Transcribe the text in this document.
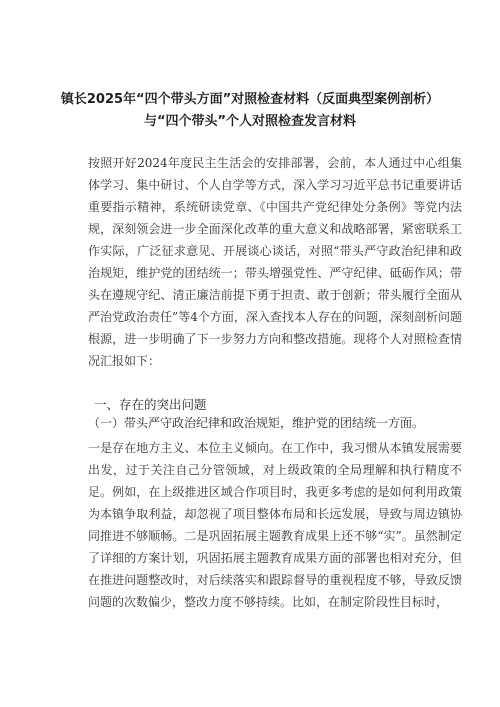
镇长2025年“四个带头方面”对照检查材料（反面典型案例剖析）
与“四个带头”个人对照检查发言材料
按照开好2024年度民主生活会的安排部署，会前，本人通过中心组集体学习、集中研讨、个人自学等方式，深入学习习近平总书记重要讲话重要指示精神，系统研读党章、《中国共产党纪律处分条例》等党内法规，深刻领会进一步全面深化改革的重大意义和战略部署，紧密联系工作实际，广泛征求意见、开展谈心谈话，对照“带头严守政治纪律和政治规矩，维护党的团结统一；带头增强党性、严守纪律、砥砺作风；带头在遵规守纪、清正廉洁前提下勇于担责、敢于创新；带头履行全面从严治党政治责任”等4个方面，深入查找本人存在的问题，深刻剖析问题根源，进一步明确了下一步努力方向和整改措施。现将个人对照检查情况汇报如下：
一、存在的突出问题
（一）带头严守政治纪律和政治规矩，维护党的团结统一方面。
一是存在地方主义、本位主义倾向。在工作中，我习惯从本镇发展需要出发，过于关注自己分管领域，对上级政策的全局理解和执行精度不足。例如，在上级推进区域合作项目时，我更多考虑的是如何利用政策为本镇争取利益，却忽视了项目整体布局和长远发展，导致与周边镇协同推进不够顺畅。二是巩固拓展主题教育成果上还不够“实”。虽然制定了详细的方案计划，巩固拓展主题教育成果方面的部署也相对充分，但在推进问题整改时，对后续落实和跟踪督导的重视程度不够，导致反馈问题的次数偏少，整改力度不够持续。比如，在制定阶段性目标时，
